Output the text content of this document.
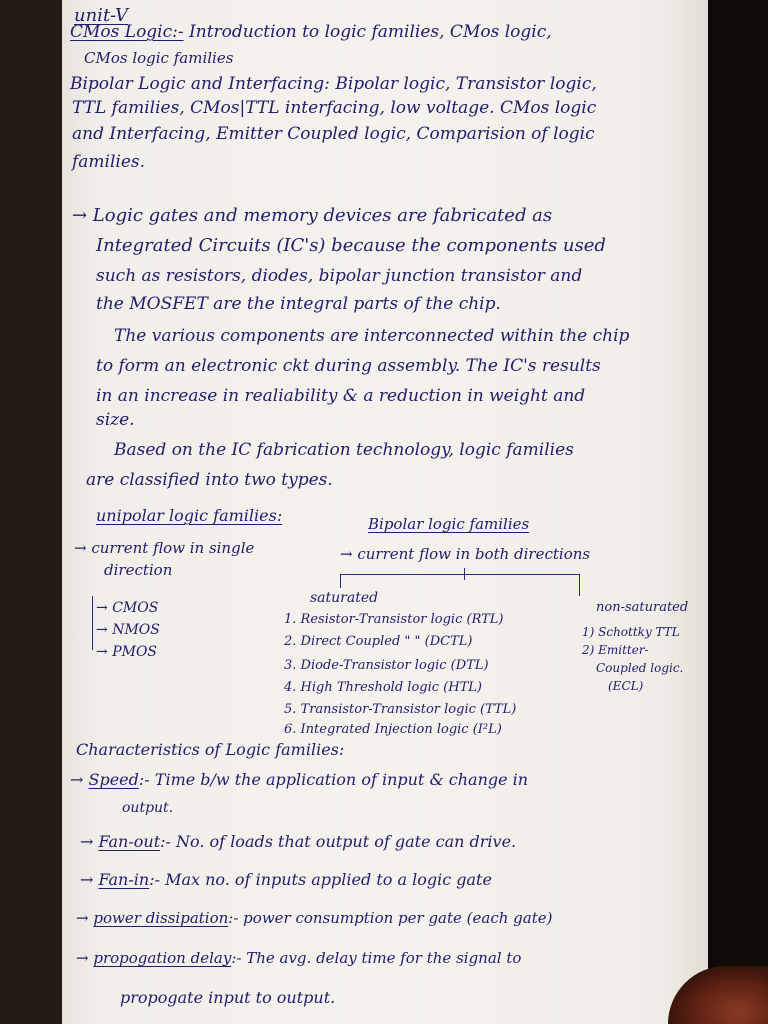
unit-V
CMos Logic:- Introduction to logic families, CMos logic,
CMos logic families
Bipolar Logic and Interfacing: Bipolar logic, Transistor logic,
TTL families, CMos|TTL interfacing, low voltage. CMos logic
and Interfacing, Emitter Coupled logic, Comparision of logic
families.
→ Logic gates and memory devices are fabricated as
Integrated Circuits (IC's) because the components used
such as resistors, diodes, bipolar junction transistor and
the MOSFET are the integral parts of the chip.
The various components are interconnected within the chip
to form an electronic ckt during assembly. The IC's results
in an increase in realiability & a reduction in weight and
size.
Based on the IC fabrication technology, logic families
are classified into two types.
unipolar logic families:	Bipolar logic families
→ current flow in single
direction
→ current flow in both directions
→ CMOS
→ NMOS
→ PMOS
saturated
1. Resistor-Transistor logic (RTL)
2. Direct Coupled " " (DCTL)
3. Diode-Transistor logic (DTL)
4. High Threshold logic (HTL)
5. Transistor-Transistor logic (TTL)
6. Integrated Injection logic (I²L)
non-saturated
1) Schottky TTL
2) Emitter-
Coupled logic.
(ECL)
Characteristics of Logic families:
→ Speed:- Time b/w the application of input & change in
output.
→ Fan-out:- No. of loads that output of gate can drive.
→ Fan-in:- Max no. of inputs applied to a logic gate
→ power dissipation:- power consumption per gate (each gate)
→ propogation delay:- The avg. delay time for the signal to
propogate input to output.
